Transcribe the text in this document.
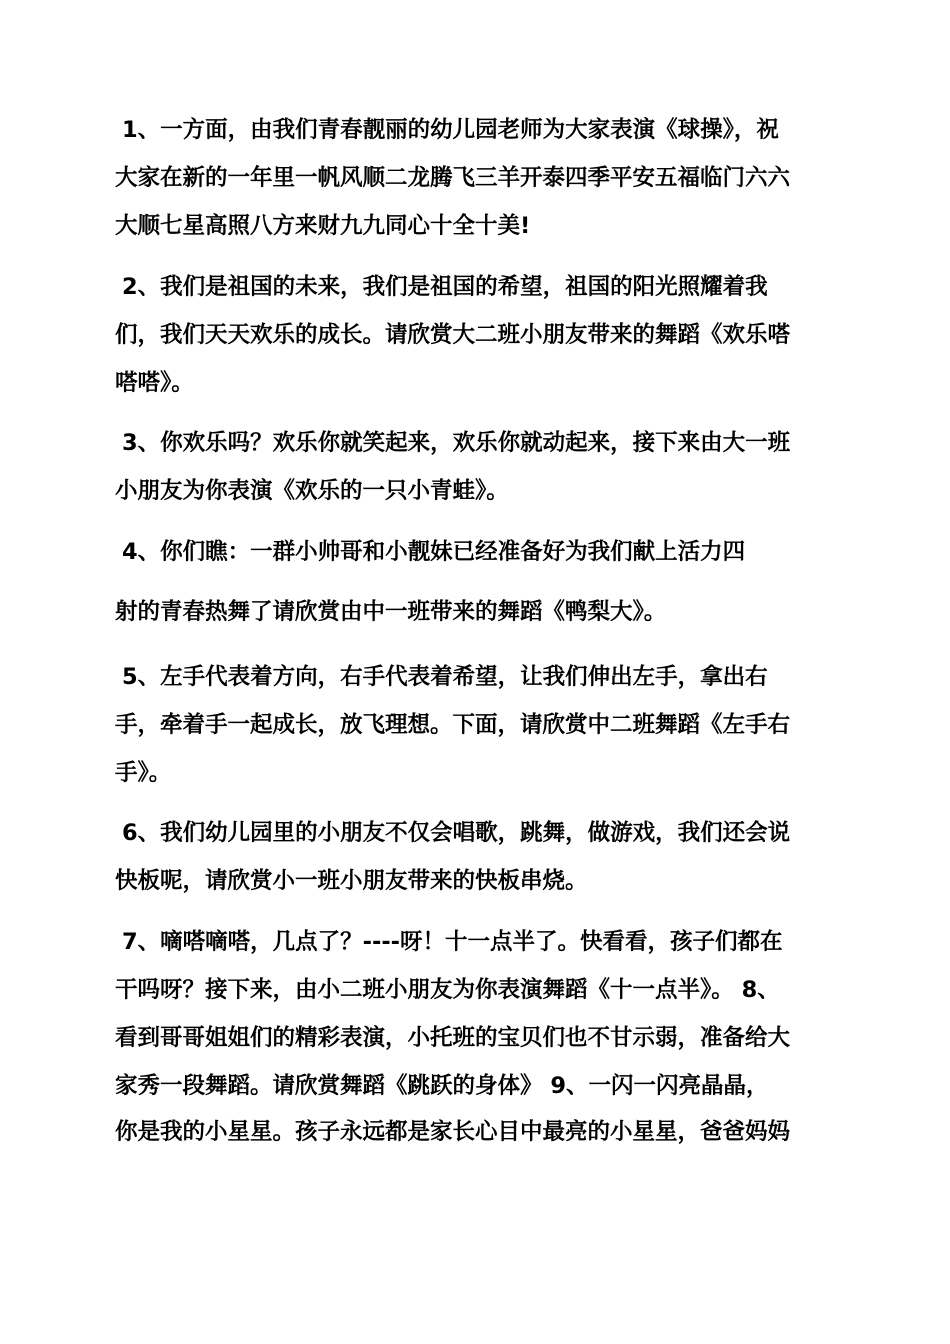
1、一方面，由我们青春靓丽的幼儿园老师为大家表演《球操》，祝
大家在新的一年里一帆风顺二龙腾飞三羊开泰四季平安五福临门六六
大顺七星高照八方来财九九同心十全十美!
2、我们是祖国的未来，我们是祖国的希望，祖国的阳光照耀着我
们，我们天天欢乐的成长。请欣赏大二班小朋友带来的舞蹈《欢乐嗒
嗒嗒》。
3、你欢乐吗？欢乐你就笑起来，欢乐你就动起来，接下来由大一班
小朋友为你表演《欢乐的一只小青蛙》。
4、你们瞧：一群小帅哥和小靓妹已经准备好为我们献上活力四
射的青春热舞了请欣赏由中一班带来的舞蹈《鸭梨大》。
5、左手代表着方向，右手代表着希望，让我们伸出左手，拿出右
手，牵着手一起成长，放飞理想。下面，请欣赏中二班舞蹈《左手右
手》。
6、我们幼儿园里的小朋友不仅会唱歌，跳舞，做游戏，我们还会说
快板呢，请欣赏小一班小朋友带来的快板串烧。
7、嘀嗒嘀嗒，几点了？----呀！十一点半了。快看看，孩子们都在
干吗呀？接下来，由小二班小朋友为你表演舞蹈《十一点半》。 8、
看到哥哥姐姐们的精彩表演，小托班的宝贝们也不甘示弱，准备给大
家秀一段舞蹈。请欣赏舞蹈《跳跃的身体》 9、一闪一闪亮晶晶，
你是我的小星星。孩子永远都是家长心目中最亮的小星星，爸爸妈妈
